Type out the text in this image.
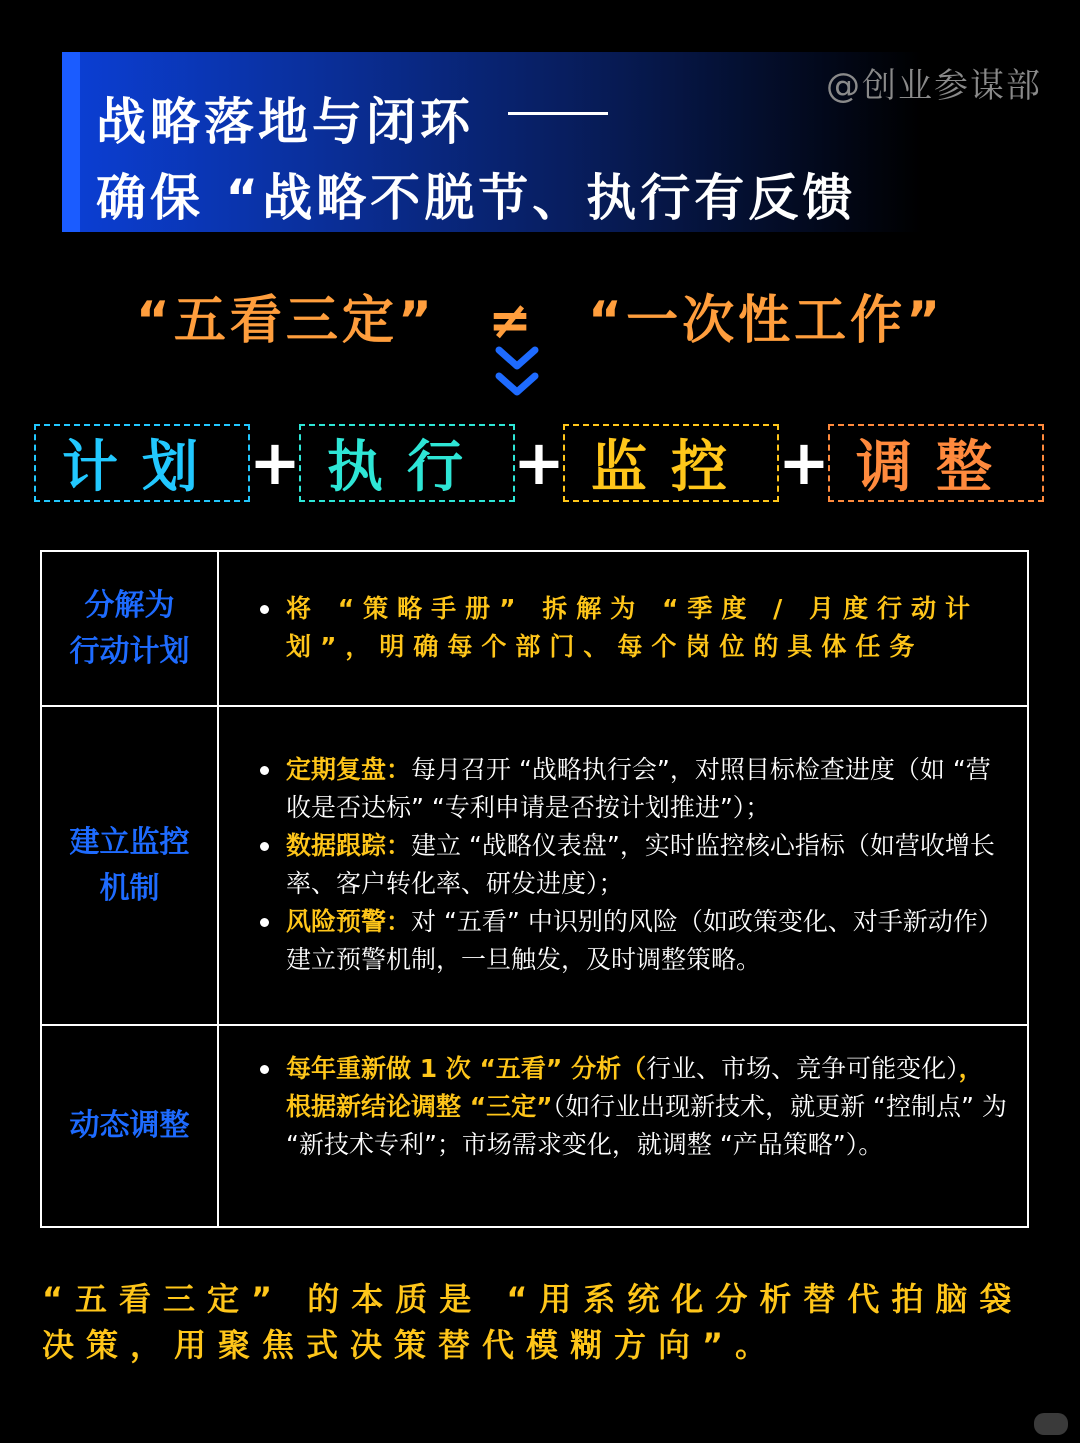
战略落地与闭环
确保 “战略不脱节、执行有反馈
@创业参谋部
“五看三定” ≠ “一次性工作”
计划 + 执行 + 监控 + 调整
分解为
行动计划
将 “策略手册” 拆解为 “季度 / 月度行动计划”，明确每个部门、每个岗位的具体任务
建立监控
机制
定期复盘：每月召开 “战略执行会”，对照目标检查进度（如 “营收是否达标” “专利申请是否按计划推进”）；
数据跟踪：建立 “战略仪表盘”，实时监控核心指标（如营收增长率、客户转化率、研发进度）；
风险预警：对 “五看” 中识别的风险（如政策变化、对手新动作）建立预警机制，一旦触发，及时调整策略。
动态调整
每年重新做 1 次 “五看” 分析（行业、市场、竞争可能变化），根据新结论调整 “三定”（如行业出现新技术，就更新 “控制点” 为 “新技术专利”；市场需求变化，就调整 “产品策略”）。
“五看三定” 的本质是 “用系统化分析替代拍脑袋决策，用聚焦式决策替代模糊方向”。
